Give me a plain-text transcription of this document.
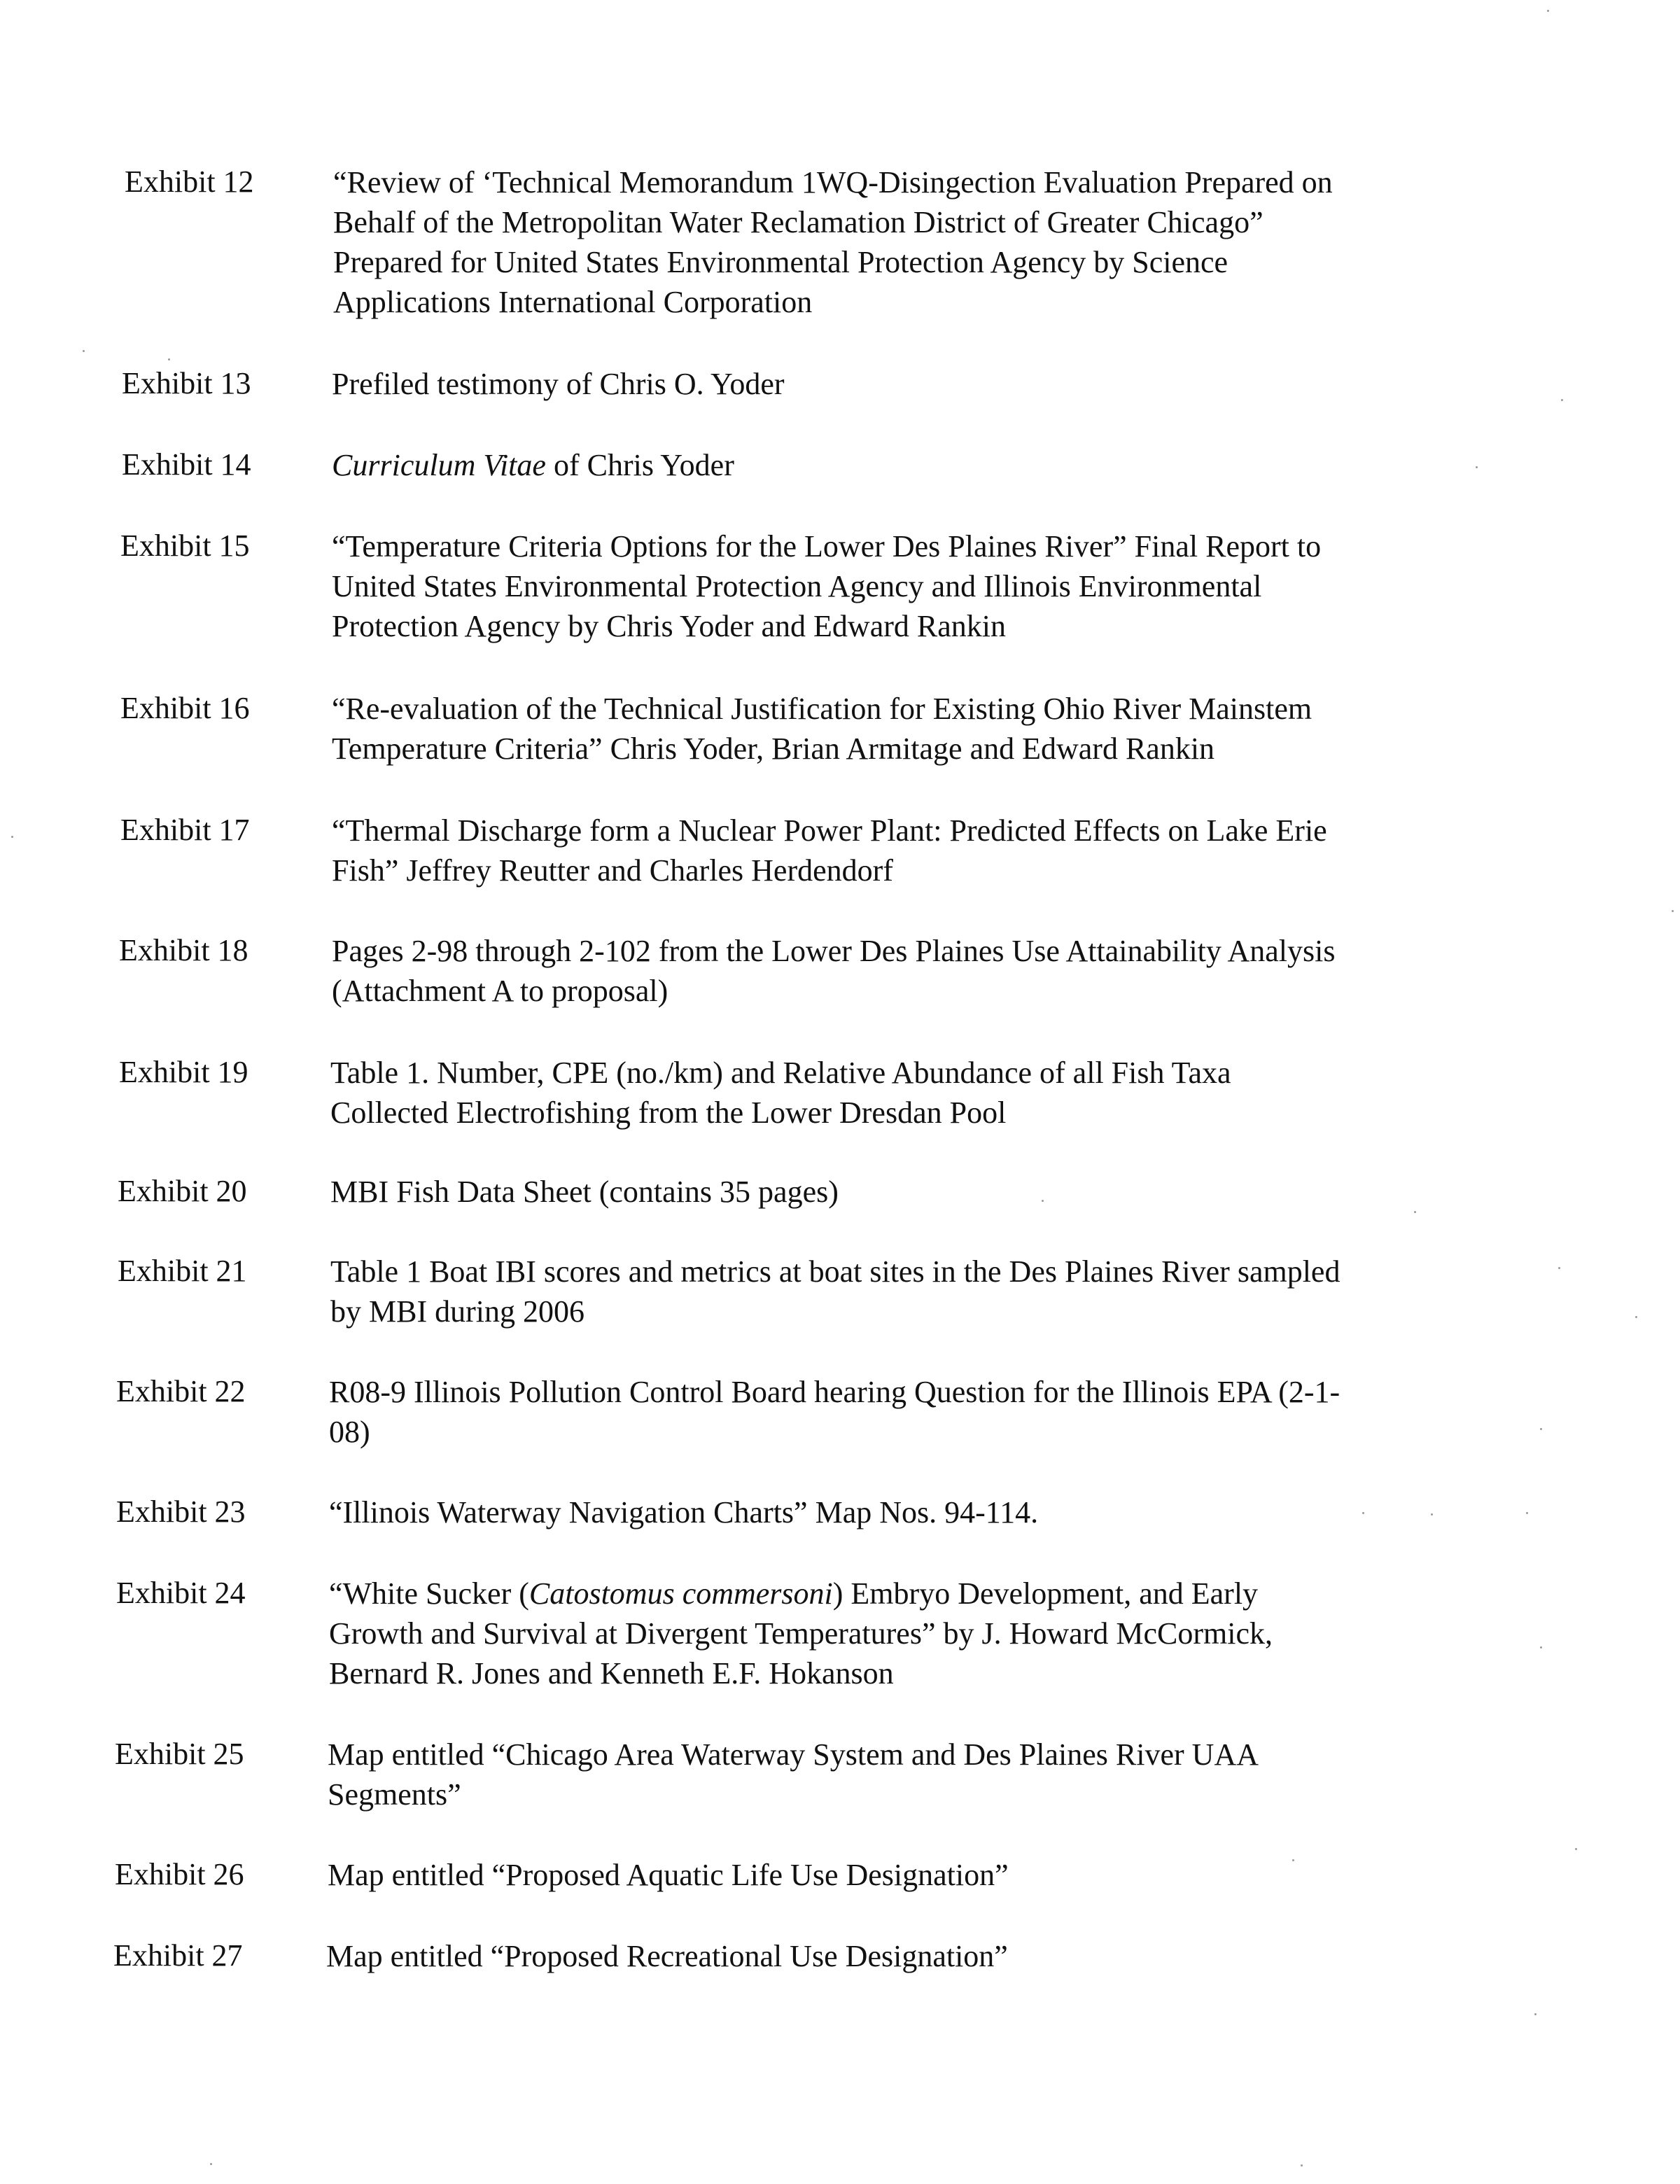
Exhibit 12	“Review of ‘Technical Memorandum 1WQ-Disingection Evaluation Prepared on
Behalf of the Metropolitan Water Reclamation District of Greater Chicago”
Prepared for United States Environmental Protection Agency by Science
Applications International Corporation
Exhibit 13	Prefiled testimony of Chris O. Yoder
Exhibit 14	Curriculum Vitae of Chris Yoder
Exhibit 15	“Temperature Criteria Options for the Lower Des Plaines River” Final Report to
United States Environmental Protection Agency and Illinois Environmental
Protection Agency by Chris Yoder and Edward Rankin
Exhibit 16	“Re-evaluation of the Technical Justification for Existing Ohio River Mainstem
Temperature Criteria” Chris Yoder, Brian Armitage and Edward Rankin
Exhibit 17	“Thermal Discharge form a Nuclear Power Plant: Predicted Effects on Lake Erie
Fish” Jeffrey Reutter and Charles Herdendorf
Exhibit 18	Pages 2-98 through 2-102 from the Lower Des Plaines Use Attainability Analysis
(Attachment A to proposal)
Exhibit 19	Table 1. Number, CPE (no./km) and Relative Abundance of all Fish Taxa
Collected Electrofishing from the Lower Dresdan Pool
Exhibit 20	MBI Fish Data Sheet (contains 35 pages)
Exhibit 21	Table 1 Boat IBI scores and metrics at boat sites in the Des Plaines River sampled
by MBI during 2006
Exhibit 22	R08-9 Illinois Pollution Control Board hearing Question for the Illinois EPA (2-1-
08)
Exhibit 23	“Illinois Waterway Navigation Charts” Map Nos. 94-114.
Exhibit 24	“White Sucker (Catostomus commersoni) Embryo Development, and Early
Growth and Survival at Divergent Temperatures” by J. Howard McCormick,
Bernard R. Jones and Kenneth E.F. Hokanson
Exhibit 25	Map entitled “Chicago Area Waterway System and Des Plaines River UAA
Segments”
Exhibit 26	Map entitled “Proposed Aquatic Life Use Designation”
Exhibit 27	Map entitled “Proposed Recreational Use Designation”
